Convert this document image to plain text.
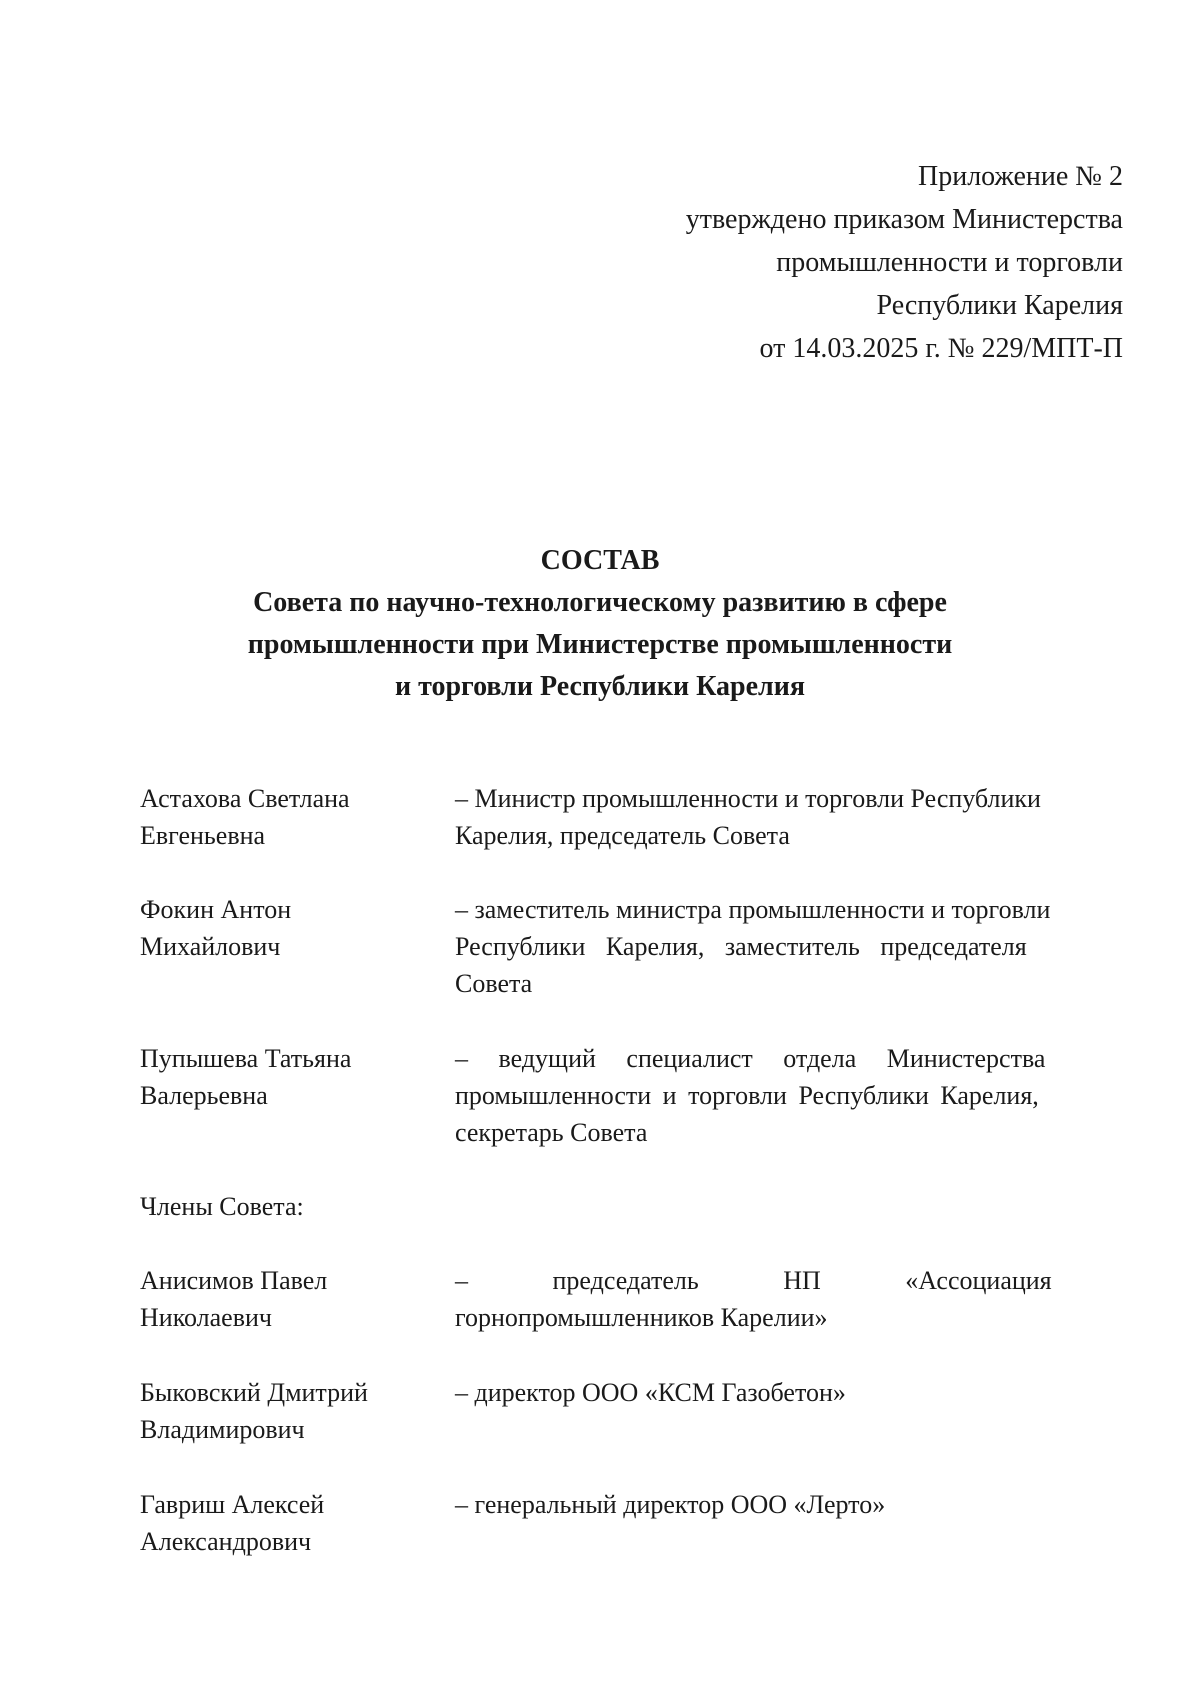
Приложение № 2
утверждено приказом Министерства
промышленности и торговли
Республики Карелия
от 14.03.2025 г. № 229/МПТ-П
СОСТАВ
Совета по научно-технологическому развитию в сфере
промышленности при Министерстве промышленности
и торговли Республики Карелия
Астахова Светлана
Евгеньевна
– Министр промышленности и торговли Республики
Карелия, председатель Совета
Фокин Антон
Михайлович
– заместитель министра промышленности и торговли
Республики Карелия, заместитель председателя
Совета
Пупышева Татьяна
Валерьевна
– ведущий специалист отдела Министерства
промышленности и торговли Республики Карелия,
секретарь Совета
Члены Совета:
Анисимов Павел
Николаевич
– председатель НП «Ассоциация
горнопромышленников Карелии»
Быковский Дмитрий
Владимирович
– директор ООО «КСМ Газобетон»
Гавриш Алексей
Александрович
– генеральный директор ООО «Лерто»
